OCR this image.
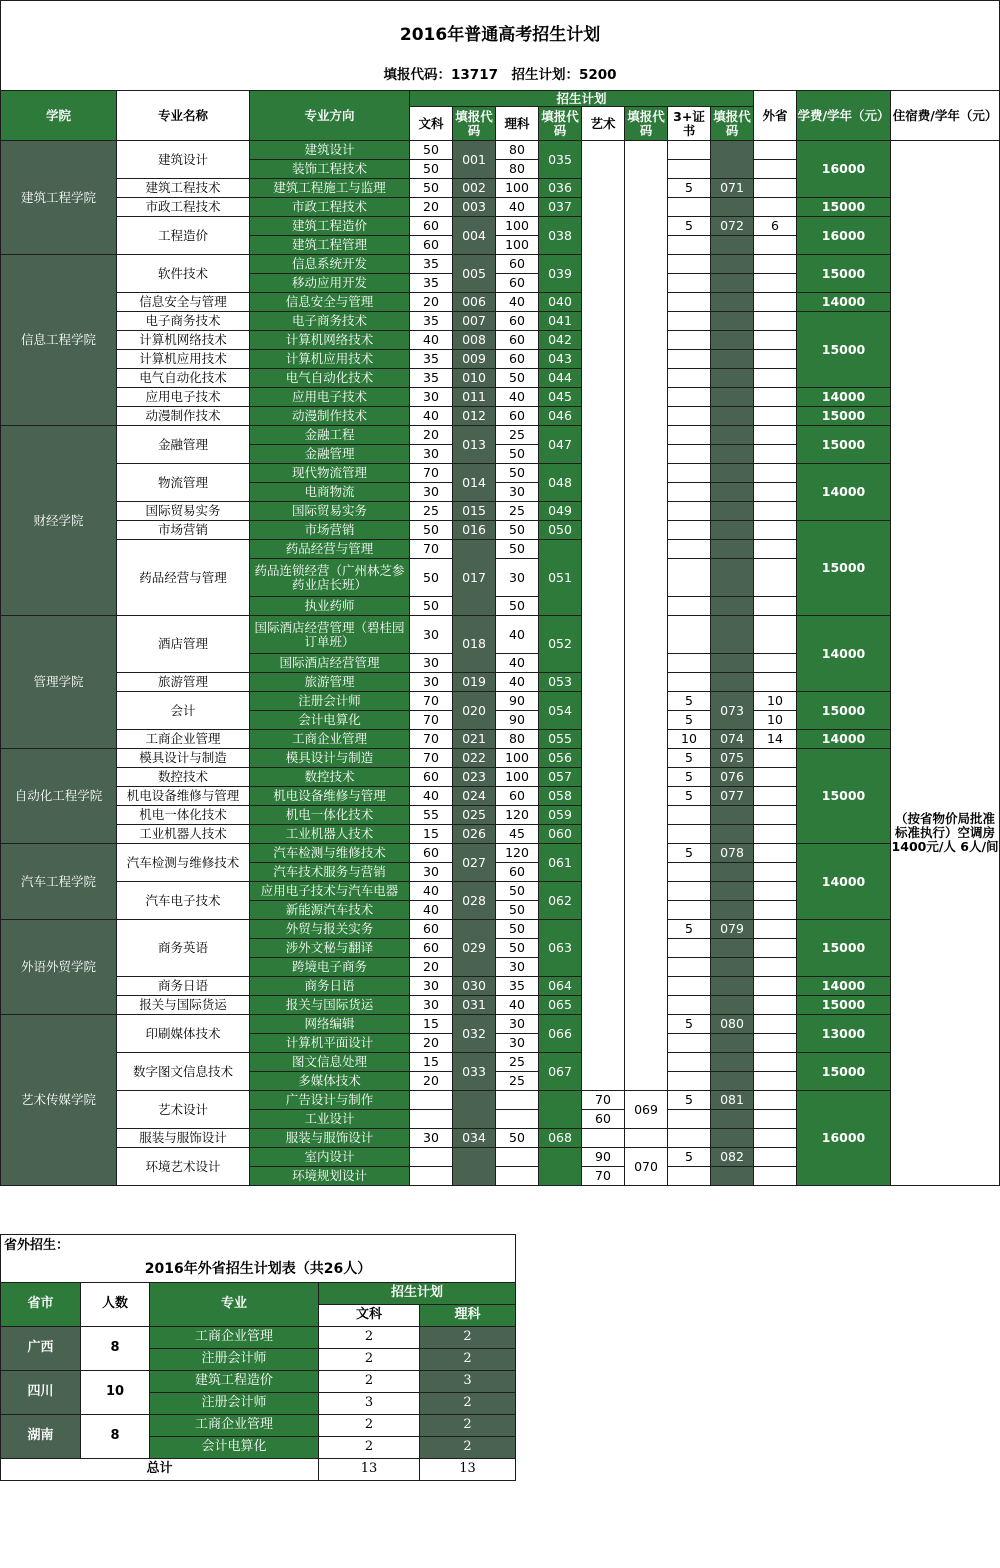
2016年普通高考招生计划													
填报代码：13717　招生计划：5200													
学院	专业名称	专业方向	招生计划								外省	学费/学年（元）	住宿费/学年（元）
			文科	填报代码	理科	填报代码	艺术	填报代码	3+证书	填报代码			
建筑工程学院	建筑设计	建筑设计	50	001	80	035						16000	（按省物价局批准标准执行）空调房1400元/人 6人/间
		装饰工程技术	50		80								
	建筑工程技术	建筑工程施工与监理	50	002	100	036			5	071			
	市政工程技术	市政工程技术	20	003	40	037						15000	
	工程造价	建筑工程造价	60	004	100	038			5	072	6	16000	
		建筑工程管理	60		100								
信息工程学院	软件技术	信息系统开发	35	005	60	039						15000	
		移动应用开发	35		60								
	信息安全与管理	信息安全与管理	20	006	40	040						14000	
	电子商务技术	电子商务技术	35	007	60	041						15000	
	计算机网络技术	计算机网络技术	40	008	60	042							
	计算机应用技术	计算机应用技术	35	009	60	043							
	电气自动化技术	电气自动化技术	35	010	50	044							
	应用电子技术	应用电子技术	30	011	40	045						14000	
	动漫制作技术	动漫制作技术	40	012	60	046						15000	
财经学院	金融管理	金融工程	20	013	25	047						15000	
		金融管理	30		50								
	物流管理	现代物流管理	70	014	50	048						14000	
		电商物流	30		30								
	国际贸易实务	国际贸易实务	25	015	25	049							
	市场营销	市场营销	50	016	50	050						15000	
	药品经营与管理	药品经营与管理	70	017	50	051							
		药品连锁经营（广州林芝参药业店长班）	50		30								
		执业药师	50		50								
管理学院	酒店管理	国际酒店经营管理（碧桂园订单班）	30	018	40	052						14000	
		国际酒店经营管理	30		40								
	旅游管理	旅游管理	30	019	40	053							
	会计	注册会计师	70	020	90	054			5	073	10	15000	
		会计电算化	70		90				5		10		
	工商企业管理	工商企业管理	70	021	80	055			10	074	14	14000	
自动化工程学院	模具设计与制造	模具设计与制造	70	022	100	056			5	075		15000	
	数控技术	数控技术	60	023	100	057			5	076			
	机电设备维修与管理	机电设备维修与管理	40	024	60	058			5	077			
	机电一体化技术	机电一体化技术	55	025	120	059							
	工业机器人技术	工业机器人技术	15	026	45	060							
汽车工程学院	汽车检测与维修技术	汽车检测与维修技术	60	027	120	061			5	078		14000	
		汽车技术服务与营销	30		60								
	汽车电子技术	应用电子技术与汽车电器	40	028	50	062							
		新能源汽车技术	40		50								
外语外贸学院	商务英语	外贸与报关实务	60	029	50	063			5	079		15000	
		涉外文秘与翻译	60		50								
		跨境电子商务	20		30								
	商务日语	商务日语	30	030	35	064						14000	
	报关与国际货运	报关与国际货运	30	031	40	065						15000	
艺术传媒学院	印刷媒体技术	网络编辑	15	032	30	066			5	080		13000	
		计算机平面设计	20		30								
	数字图文信息技术	图文信息处理	15	033	25	067						15000	
		多媒体技术	20		25								
	艺术设计	广告设计与制作					70	069	5	081		16000	
		工业设计					60						
	服装与服饰设计	服装与服饰设计	30	034	50	068							
	环境艺术设计	室内设计					90	070	5	082			
		环境规划设计					70						
省外招生：				
2016年外省招生计划表（共26人）				
省市	人数	专业	招生计划	
			文科	理科
广西	8	工商企业管理	2	2
		注册会计师	2	2
四川	10	建筑工程造价	2	3
		注册会计师	3	2
湖南	8	工商企业管理	2	2
		会计电算化	2	2
总计			13	13
